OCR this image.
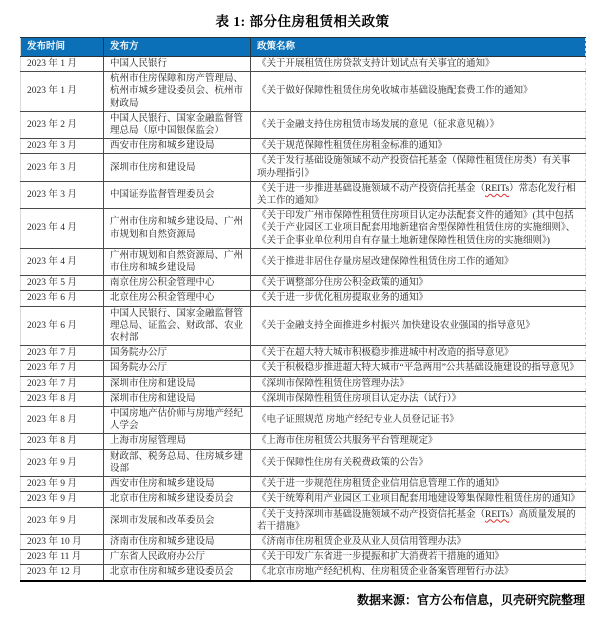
表 1: 部分住房租赁相关政策
发布时间	发布方	政策名称
2023 年 1 月	中国人民银行	《关于开展租赁住房贷款支持计划试点有关事宜的通知》
2023 年 1 月	杭州市住房保障和房产管理局、杭州市城乡建设委员会、杭州市财政局	《关于做好保障性租赁住房免收城市基础设施配套费工作的通知》
2023 年 2 月	中国人民银行、国家金融监督管理总局（原中国银保监会）	《关于金融支持住房租赁市场发展的意见（征求意见稿）》
2023 年 3 月	西安市住房和城乡建设局	《关于规范保障性租赁住房租金标准的通知》
2023 年 3 月	深圳市住房和建设局	《关于发行基础设施领域不动产投资信托基金（保障性租赁住房类）有关事项办理指引》
2023 年 3 月	中国证券监督管理委员会	《关于进一步推进基础设施领域不动产投资信托基金（REITs）常态化发行相关工作的通知》
2023 年 4 月	广州市住房和城乡建设局、广州市规划和自然资源局	《关于印发广州市保障性租赁住房项目认定办法配套文件的通知》(其中包括《关于产业园区工业项目配套用地新建宿舍型保障性租赁住房的实施细则》、《关于企事业单位利用自有存量土地新建保障性租赁住房的实施细则》)
2023 年 4 月	广州市规划和自然资源局、广州市住房和城乡建设局	《关于推进非居住存量房屋改建保障性租赁住房工作的通知》
2023 年 5 月	南京住房公积金管理中心	《关于调整部分住房公积金政策的通知》
2023 年 6 月	北京住房公积金管理中心	《关于进一步优化租房提取业务的通知》
2023 年 6 月	中国人民银行、国家金融监督管理总局、证监会、财政部、农业农村部	《关于金融支持全面推进乡村振兴 加快建设农业强国的指导意见》
2023 年 7 月	国务院办公厅	《关于在超大特大城市积极稳步推进城中村改造的指导意见》
2023 年 7 月	国务院办公厅	《关于积极稳步推进超大特大城市“平急两用”公共基础设施建设的指导意见》
2023 年 7 月	深圳市住房和建设局	《深圳市保障性租赁住房管理办法》
2023 年 8 月	深圳市住房和建设局	《深圳市保障性租赁住房项目认定办法（试行）》
2023 年 8 月	中国房地产估价师与房地产经纪人学会	《电子证照规范 房地产经纪专业人员登记证书》
2023 年 8 月	上海市房屋管理局	《上海市住房租赁公共服务平台管理规定》
2023 年 9 月	财政部、税务总局、住房城乡建设部	《关于保障性住房有关税费政策的公告》
2023 年 9 月	西安市住房和城乡建设局	《关于进一步规范住房租赁企业信用信息管理工作的通知》
2023 年 9 月	北京市住房和城乡建设委员会	《关于统筹利用产业园区工业项目配套用地建设筹集保障性租赁住房的通知》
2023 年 9 月	深圳市发展和改革委员会	《关于支持深圳市基础设施领域不动产投资信托基金（REITs）高质量发展的若干措施》
2023 年 10 月	济南市住房和城乡建设局	《济南市住房租赁企业及从业人员信用管理办法》
2023 年 11 月	广东省人民政府办公厅	《关于印发广东省进一步提振和扩大消费若干措施的通知》
2023 年 12 月	北京市住房和城乡建设委员会	《北京市房地产经纪机构、住房租赁企业备案管理暂行办法》
数据来源：官方公布信息，贝壳研究院整理
